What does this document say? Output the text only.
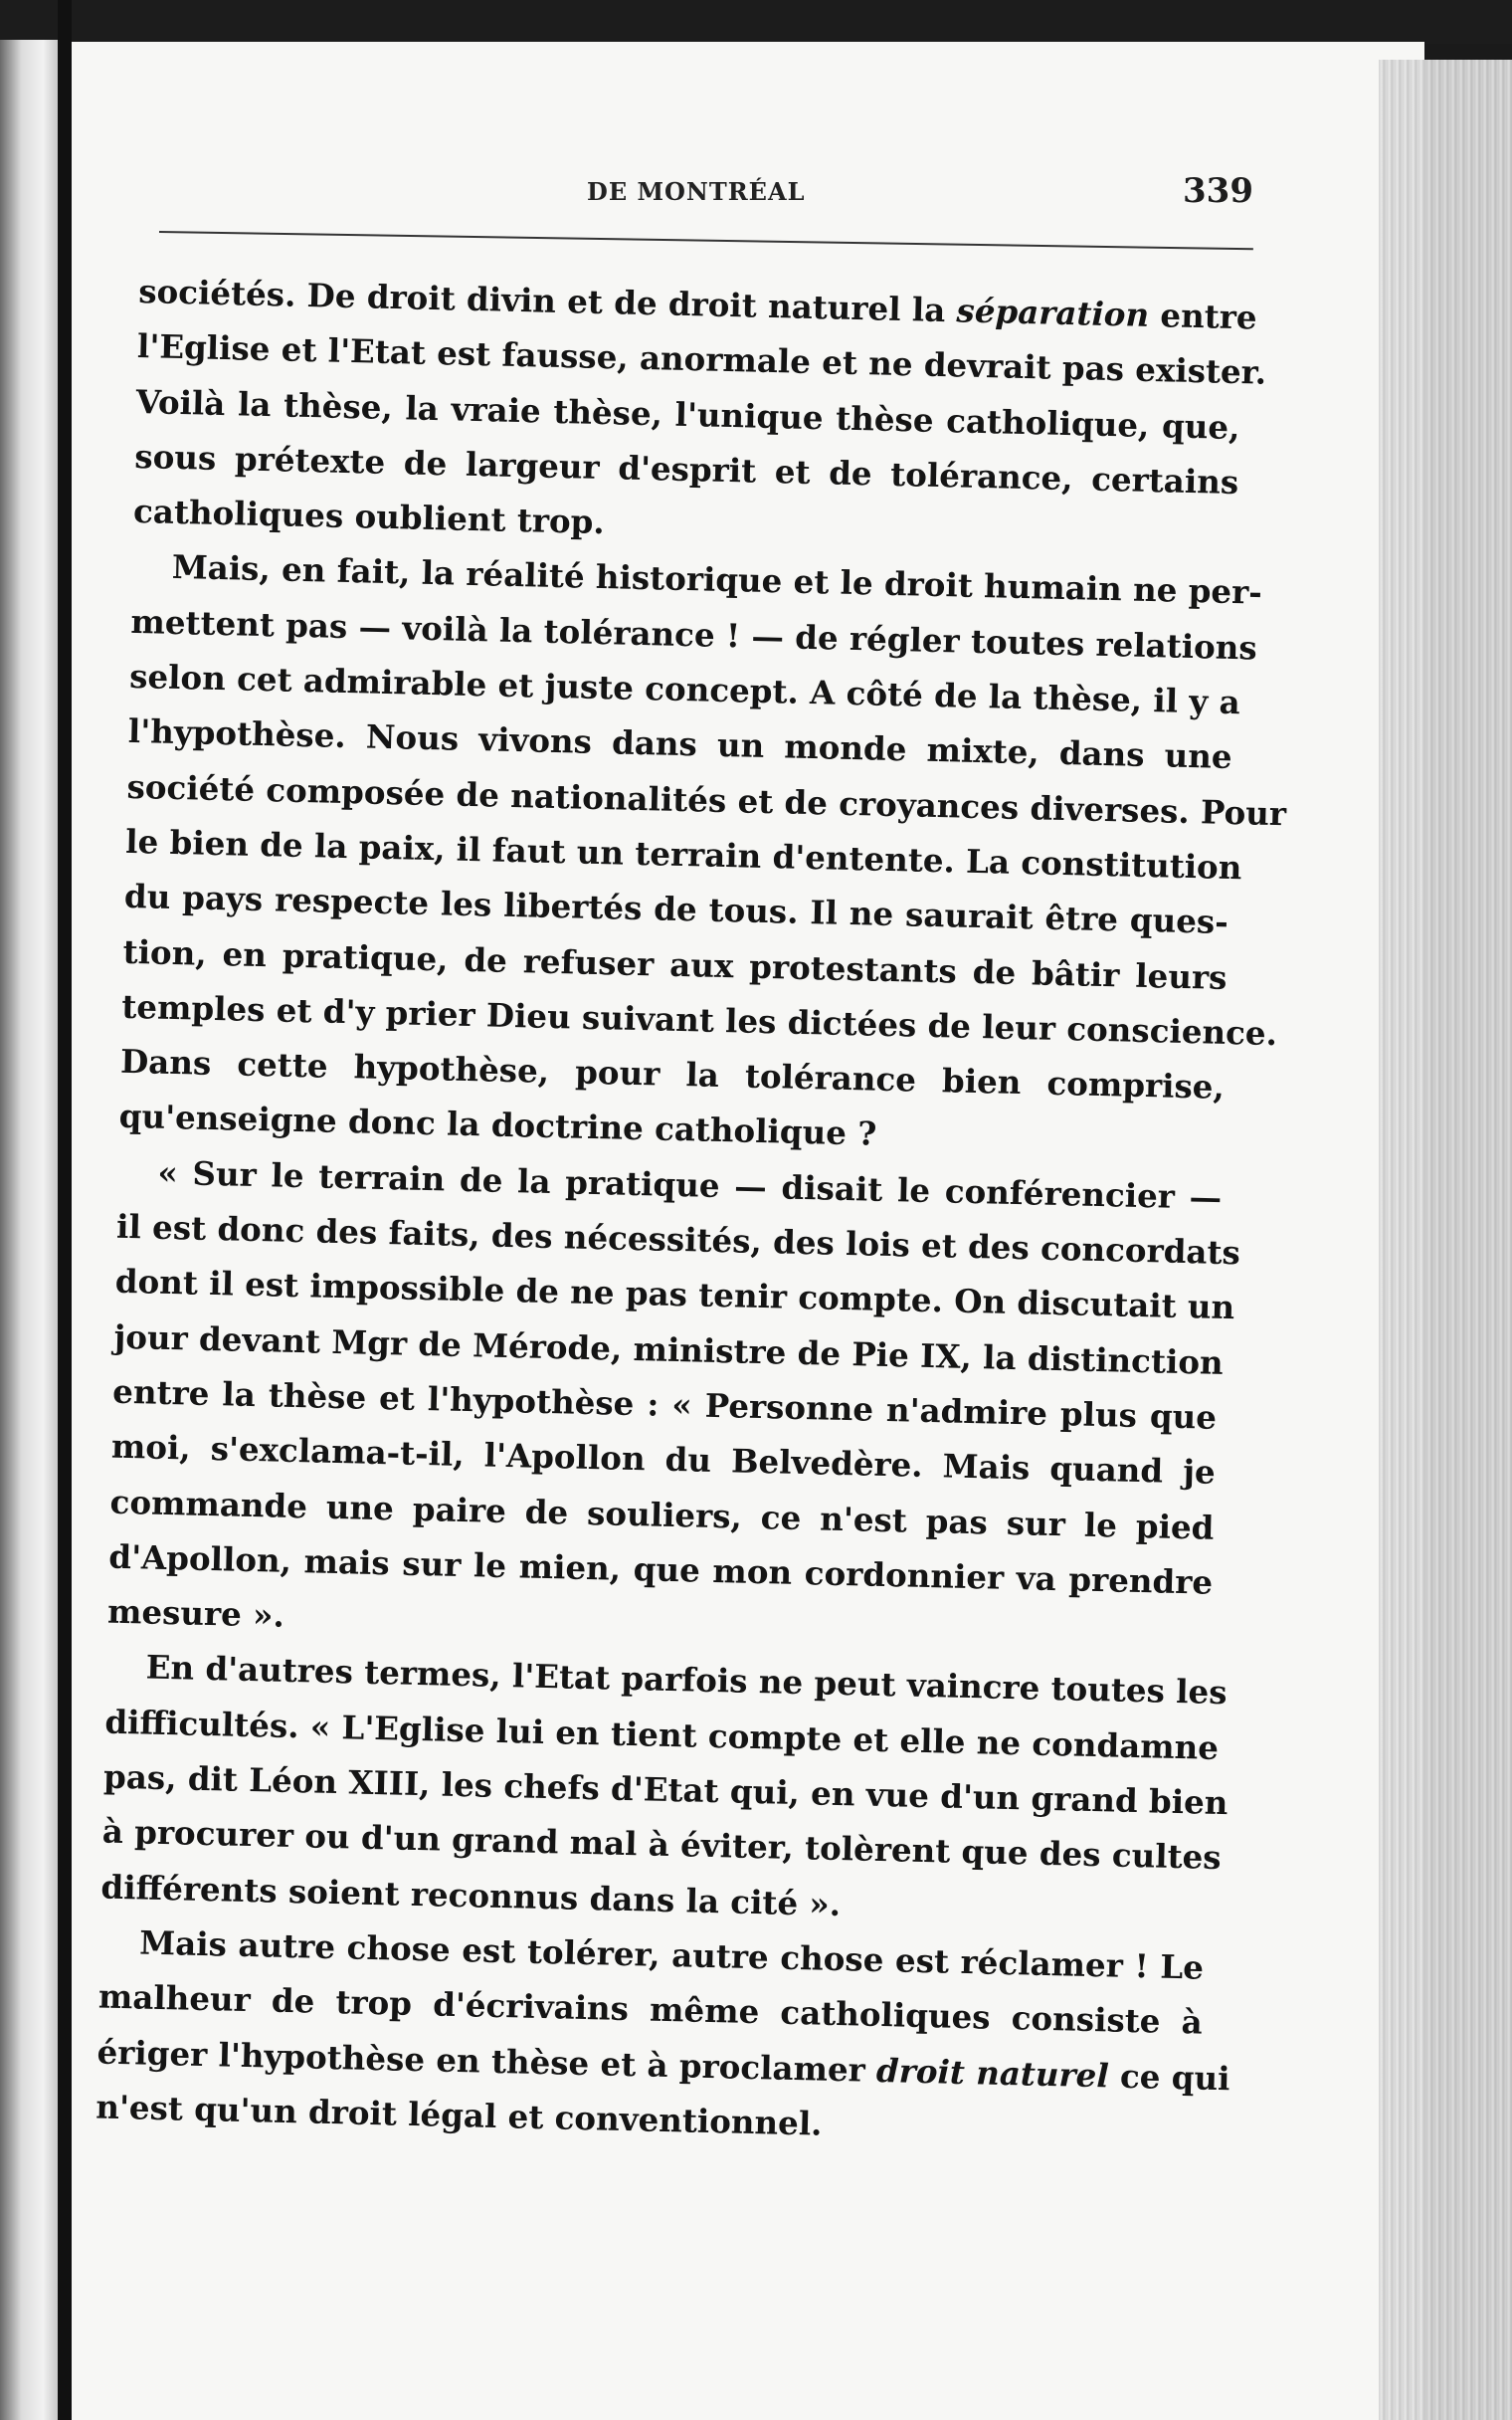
DE MONTRÉAL	339
sociétés. De droit divin et de droit naturel la séparation entre
l'Eglise et l'Etat est fausse, anormale et ne devrait pas exister.
Voilà la thèse, la vraie thèse, l'unique thèse catholique, que,
sous prétexte de largeur d'esprit et de tolérance, certains
catholiques oublient trop.
Mais, en fait, la réalité historique et le droit humain ne per-
mettent pas — voilà la tolérance ! — de régler toutes relations
selon cet admirable et juste concept. A côté de la thèse, il y a
l'hypothèse. Nous vivons dans un monde mixte, dans une
société composée de nationalités et de croyances diverses. Pour
le bien de la paix, il faut un terrain d'entente. La constitution
du pays respecte les libertés de tous. Il ne saurait être ques-
tion, en pratique, de refuser aux protestants de bâtir leurs
temples et d'y prier Dieu suivant les dictées de leur conscience.
Dans cette hypothèse, pour la tolérance bien comprise,
qu'enseigne donc la doctrine catholique ?
« Sur le terrain de la pratique — disait le conférencier —
il est donc des faits, des nécessités, des lois et des concordats
dont il est impossible de ne pas tenir compte. On discutait un
jour devant Mgr de Mérode, ministre de Pie IX, la distinction
entre la thèse et l'hypothèse : « Personne n'admire plus que
moi, s'exclama-t-il, l'Apollon du Belvedère. Mais quand je
commande une paire de souliers, ce n'est pas sur le pied
d'Apollon, mais sur le mien, que mon cordonnier va prendre
mesure ».
En d'autres termes, l'Etat parfois ne peut vaincre toutes les
difficultés. « L'Eglise lui en tient compte et elle ne condamne
pas, dit Léon XIII, les chefs d'Etat qui, en vue d'un grand bien
à procurer ou d'un grand mal à éviter, tolèrent que des cultes
différents soient reconnus dans la cité ».
Mais autre chose est tolérer, autre chose est réclamer ! Le
malheur de trop d'écrivains même catholiques consiste à
ériger l'hypothèse en thèse et à proclamer droit naturel ce qui
n'est qu'un droit légal et conventionnel.
